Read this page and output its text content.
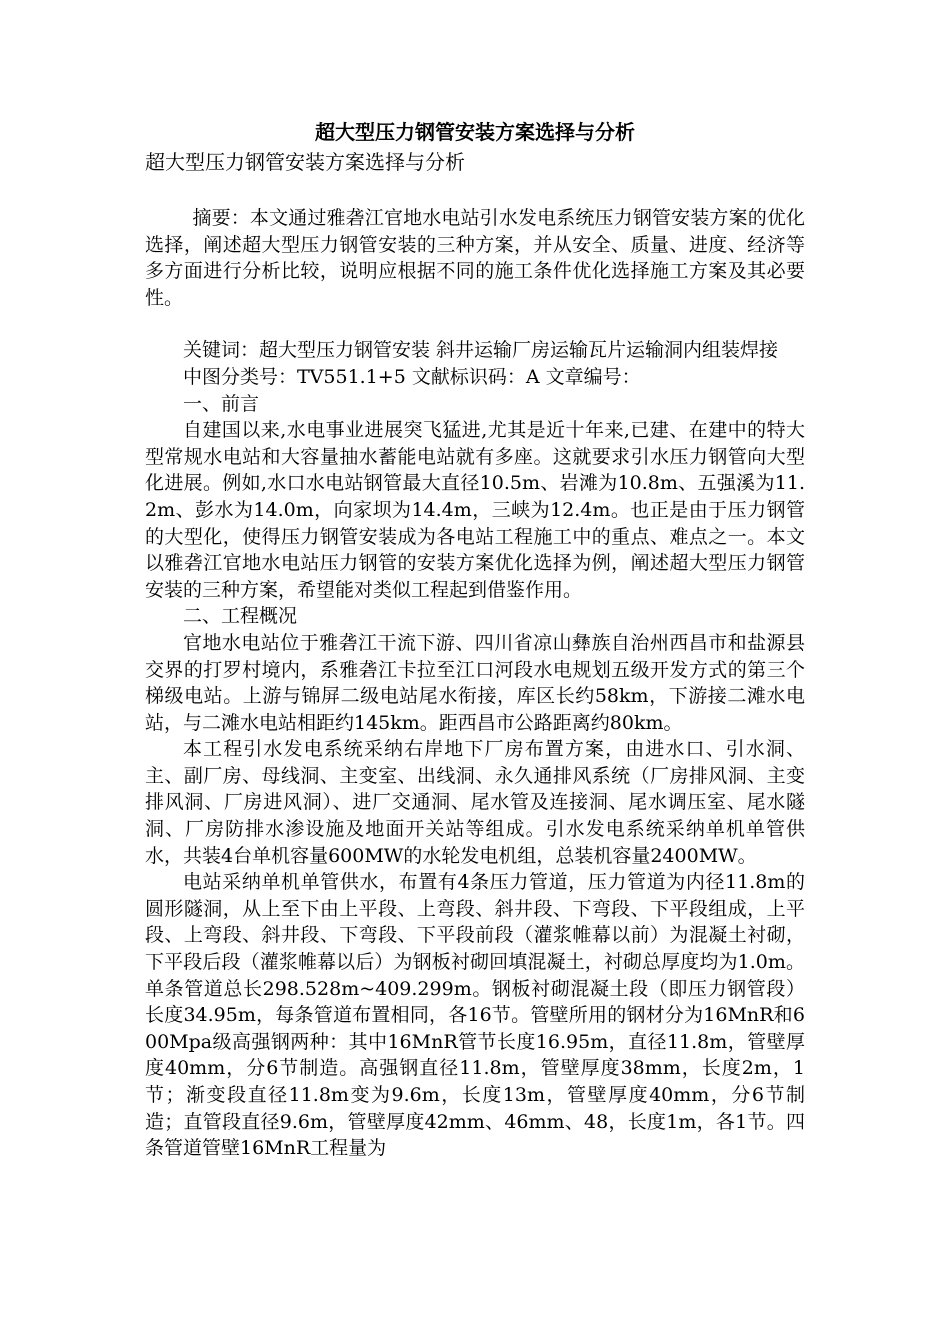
超大型压力钢管安装方案选择与分析
超大型压力钢管安装方案选择与分析

摘要：本文通过雅砻江官地水电站引水发电系统压力钢管安装方案的优化选择，阐述超大型压力钢管安装的三种方案，并从安全、质量、进度、经济等多方面进行分析比较，说明应根据不同的施工条件优化选择施工方案及其必要性。

关键词：超大型压力钢管安装 斜井运输厂房运输瓦片运输洞内组装焊接

中图分类号：TV551.1+5 文献标识码：A 文章编号：

一、前言

自建国以来,水电事业进展突飞猛进,尤其是近十年来,已建、在建中的特大型常规水电站和大容量抽水蓄能电站就有多座。这就要求引水压力钢管向大型化进展。例如,水口水电站钢管最大直径10.5m、岩滩为10.8m、五强溪为11.2m、彭水为14.0m，向家坝为14.4m，三峡为12.4m。也正是由于压力钢管的大型化，使得压力钢管安装成为各电站工程施工中的重点、难点之一。本文以雅砻江官地水电站压力钢管的安装方案优化选择为例，阐述超大型压力钢管安装的三种方案，希望能对类似工程起到借鉴作用。

二、工程概况

官地水电站位于雅砻江干流下游、四川省凉山彝族自治州西昌市和盐源县交界的打罗村境内，系雅砻江卡拉至江口河段水电规划五级开发方式的第三个梯级电站。上游与锦屏二级电站尾水衔接，库区长约58km，下游接二滩水电站，与二滩水电站相距约145km。距西昌市公路距离约80km。

本工程引水发电系统采纳右岸地下厂房布置方案，由进水口、引水洞、主、副厂房、母线洞、主变室、出线洞、永久通排风系统（厂房排风洞、主变排风洞、厂房进风洞）、进厂交通洞、尾水管及连接洞、尾水调压室、尾水隧洞、厂房防排水渗设施及地面开关站等组成。引水发电系统采纳单机单管供水，共装4台单机容量600MW的水轮发电机组，总装机容量2400MW。

电站采纳单机单管供水，布置有4条压力管道，压力管道为内径11.8m的圆形隧洞，从上至下由上平段、上弯段、斜井段、下弯段、下平段组成，上平段、上弯段、斜井段、下弯段、下平段前段（灌浆帷幕以前）为混凝土衬砌，下平段后段（灌浆帷幕以后）为钢板衬砌回填混凝土，衬砌总厚度均为1.0m。单条管道总长298.528m~409.299m。钢板衬砌混凝土段（即压力钢管段）长度34.95m，每条管道布置相同，各16节。管壁所用的钢材分为16MnR和600Mpa级高强钢两种：其中16MnR管节长度16.95m，直径11.8m，管壁厚度40mm，分6节制造。高强钢直径11.8m，管壁厚度38mm，长度2m，1节；渐变段直径11.8m变为9.6m，长度13m，管壁厚度40mm，分6节制造；直管段直径9.6m，管壁厚度42mm、46mm、48，长度1m，各1节。四条管道管壁16MnR工程量为
